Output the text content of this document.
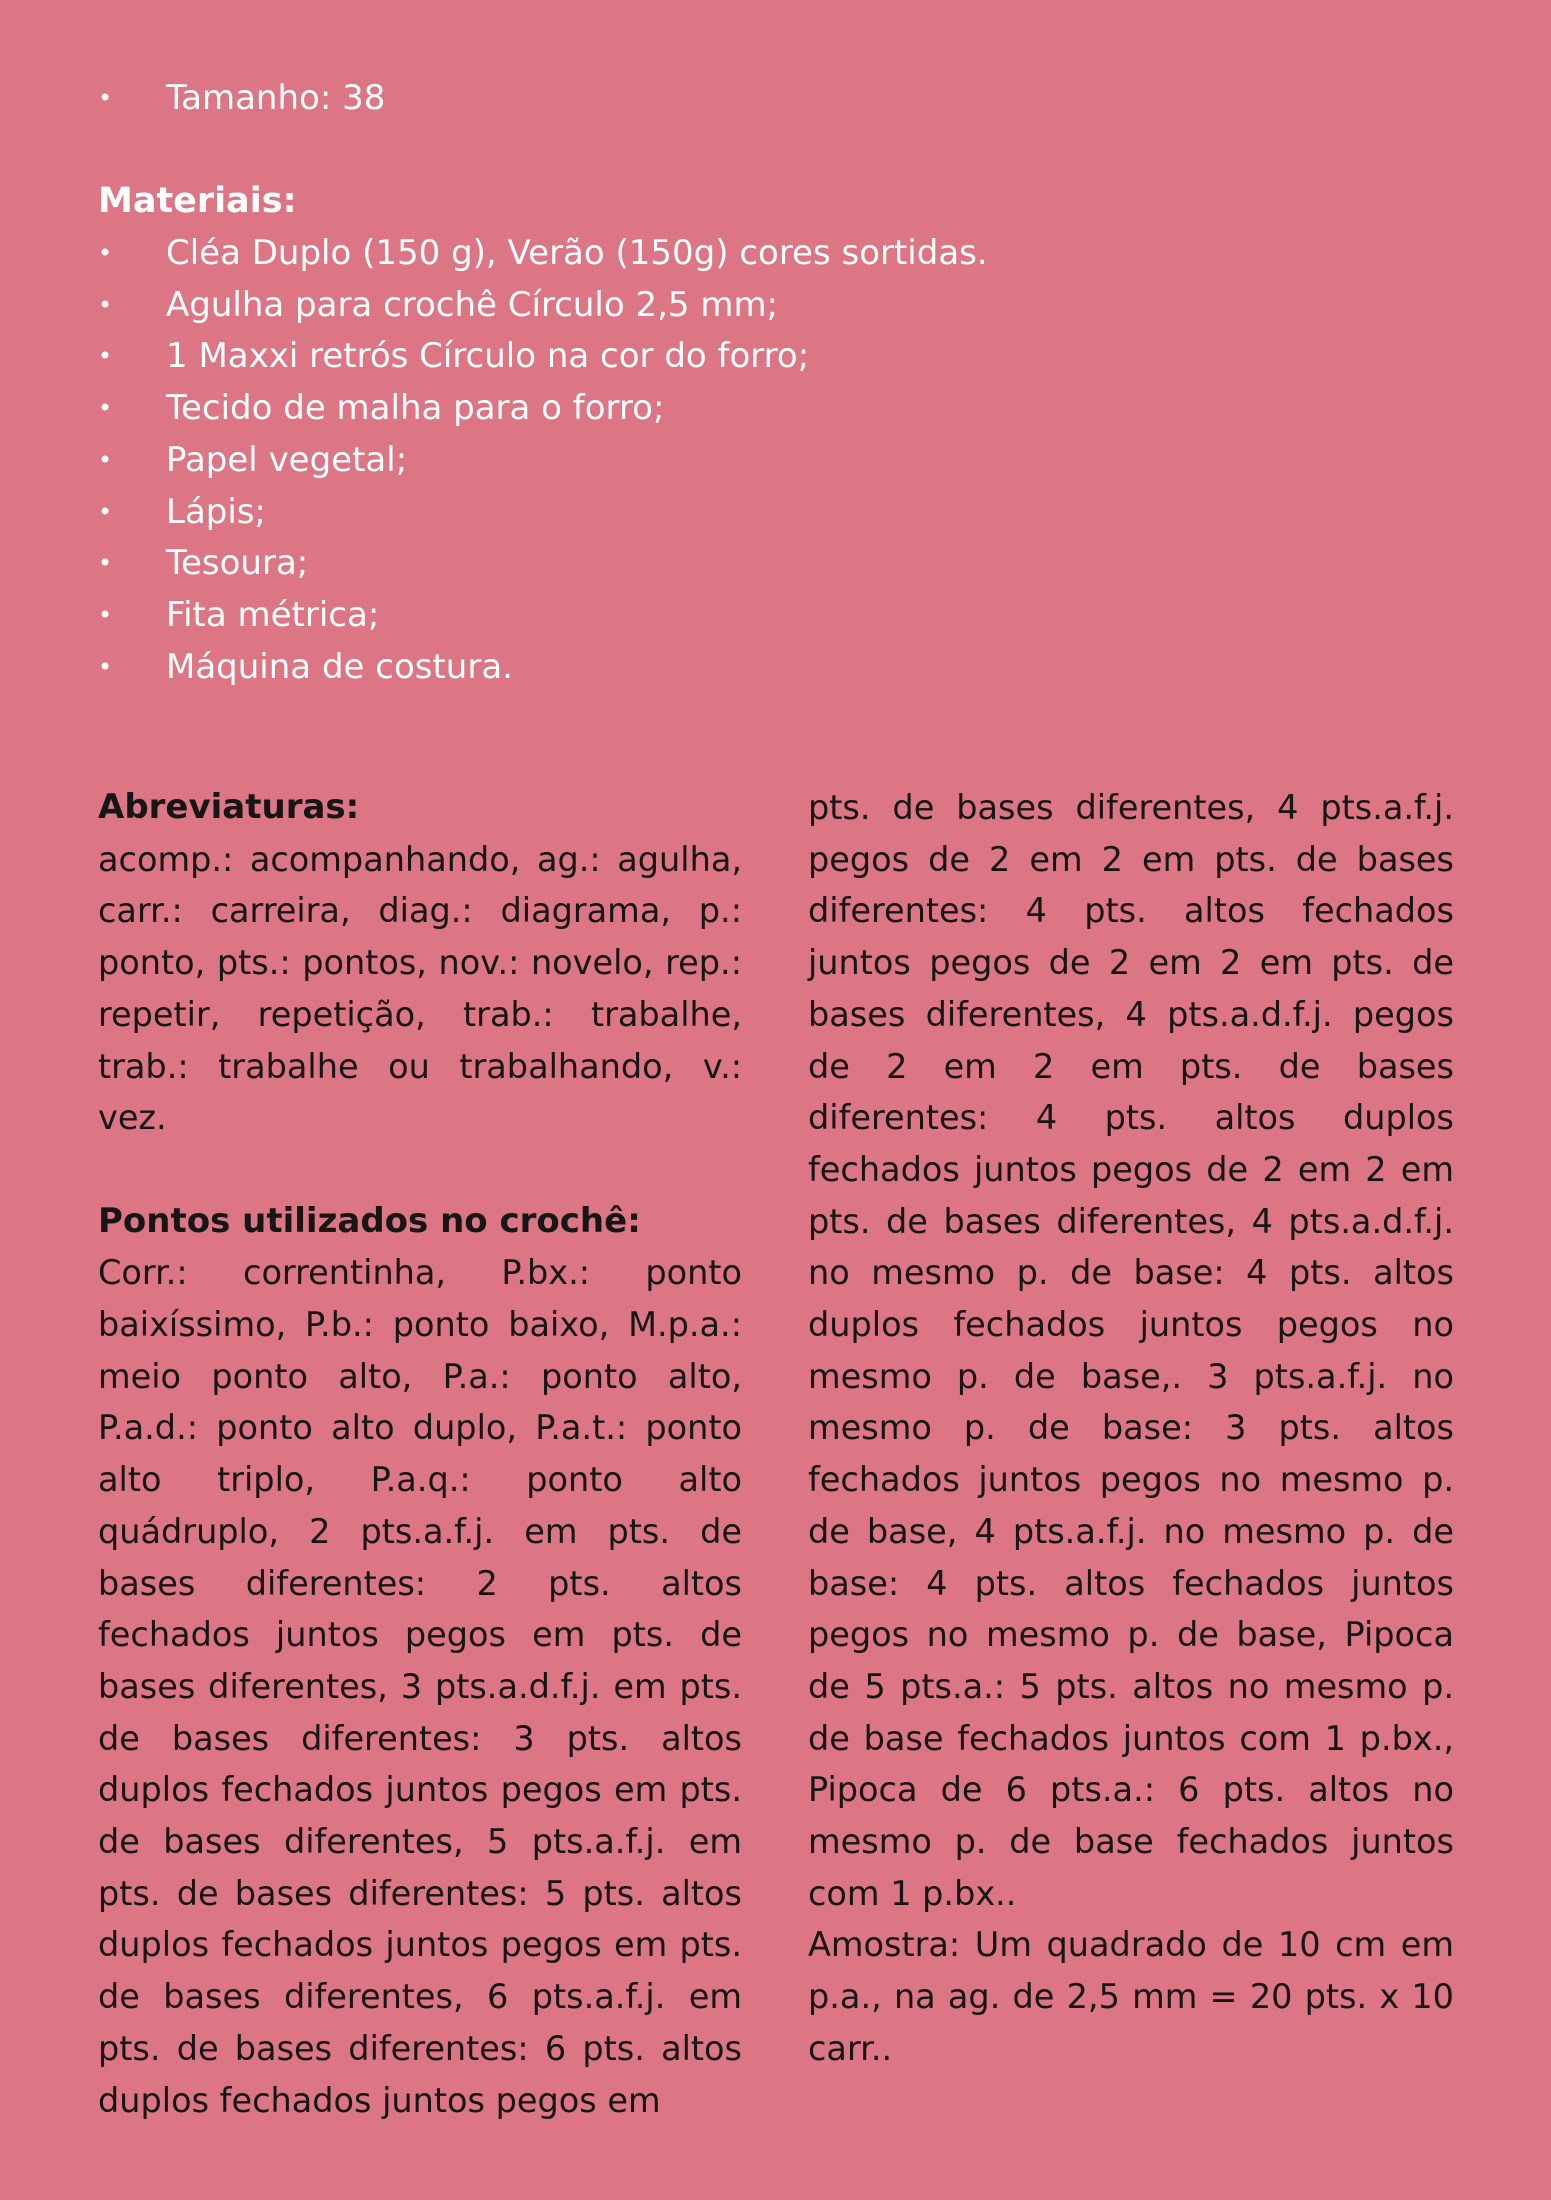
• Tamanho: 38
Materiais:
• Cléa Duplo (150 g), Verão (150g) cores sortidas.
• Agulha para crochê Círculo 2,5 mm;
• 1 Maxxi retrós Círculo na cor do forro;
• Tecido de malha para o forro;
• Papel vegetal;
• Lápis;
• Tesoura;
• Fita métrica;
• Máquina de costura.
Abreviaturas:

acomp.: acompanhando, ag.: agulha, carr.: carreira, diag.: diagrama, p.: ponto, pts.: pontos, nov.: novelo, rep.: repetir, repetição, trab.: trabalhe, trab.: trabalhe ou trabalhando, v.: vez.

Pontos utilizados no crochê:

Corr.: correntinha, P.bx.: ponto baixíssimo, P.b.: ponto baixo, M.p.a.: meio ponto alto, P.a.: ponto alto, P.a.d.: ponto alto duplo, P.a.t.: ponto alto triplo, P.a.q.: ponto alto quádruplo, 2 pts.a.f.j. em pts. de bases diferentes: 2 pts. altos fechados juntos pegos em pts. de bases diferentes, 3 pts.a.d.f.j. em pts. de bases diferentes: 3 pts. altos duplos fechados juntos pegos em pts. de bases diferentes, 5 pts.a.f.j. em pts. de bases diferentes: 5 pts. altos duplos fechados juntos pegos em pts. de bases diferentes, 6 pts.a.f.j. em pts. de bases diferentes: 6 pts. altos duplos fechados juntos pegos em

pts. de bases diferentes, 4 pts.a.f.j. pegos de 2 em 2 em pts. de bases diferentes: 4 pts. altos fechados juntos pegos de 2 em 2 em pts. de bases diferentes, 4 pts.a.d.f.j. pegos de 2 em 2 em pts. de bases diferentes: 4 pts. altos duplos fechados juntos pegos de 2 em 2 em pts. de bases diferentes, 4 pts.a.d.f.j. no mesmo p. de base: 4 pts. altos duplos fechados juntos pegos no mesmo p. de base,. 3 pts.a.f.j. no mesmo p. de base: 3 pts. altos fechados juntos pegos no mesmo p. de base, 4 pts.a.f.j. no mesmo p. de base: 4 pts. altos fechados juntos pegos no mesmo p. de base, Pipoca de 5 pts.a.: 5 pts. altos no mesmo p. de base fechados juntos com 1 p.bx., Pipoca de 6 pts.a.: 6 pts. altos no mesmo p. de base fechados juntos com 1 p.bx..

Amostra: Um quadrado de 10 cm em p.a., na ag. de 2,5 mm = 20 pts. x 10 carr..
